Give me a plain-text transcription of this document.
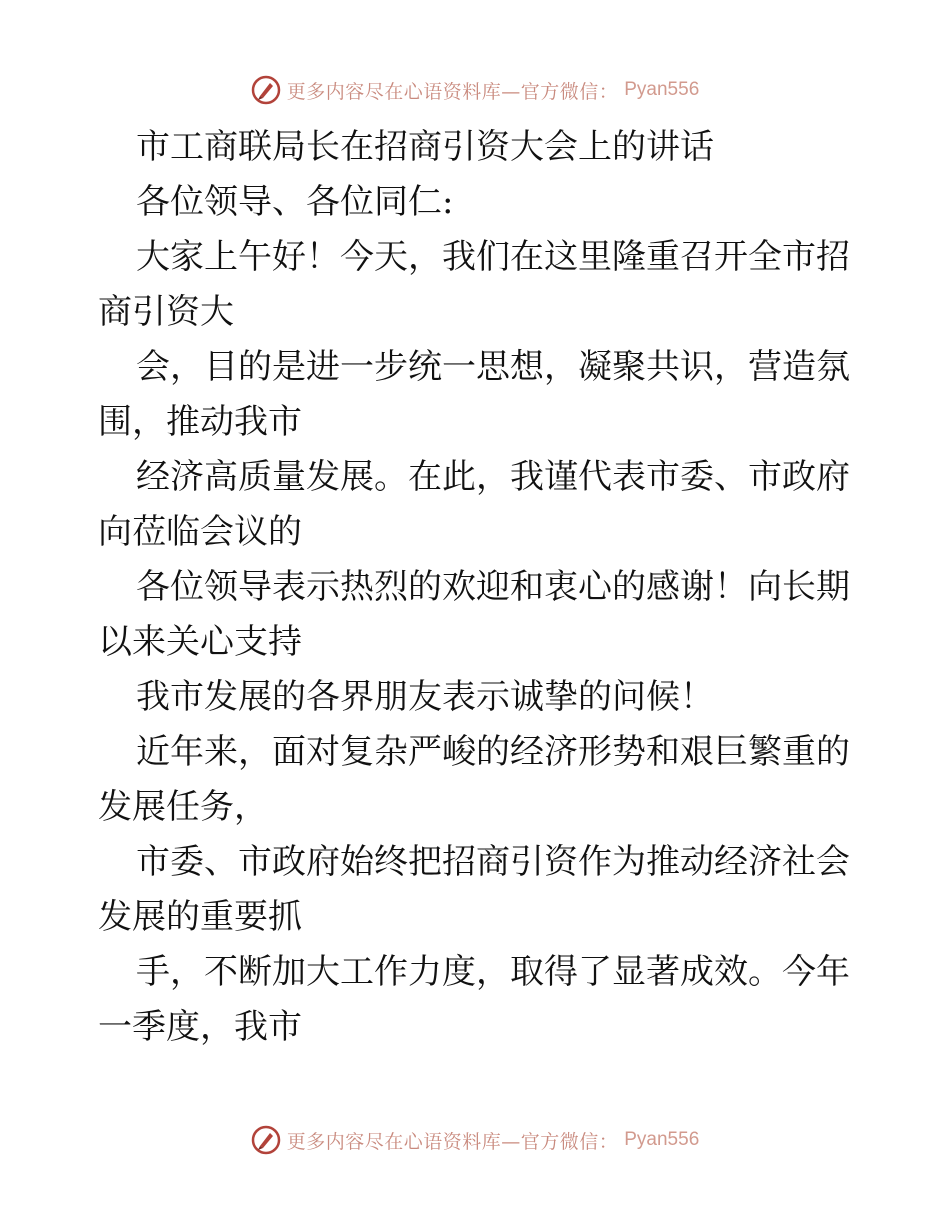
更多内容尽在心语资料库—官方微信： Pyan556
市工商联局长在招商引资大会上的讲话
各位领导、各位同仁:
大家上午好！今天，我们在这里隆重召开全市招
商引资大
会，目的是进一步统一思想，凝聚共识，营造氛
围，推动我市
经济高质量发展。在此，我谨代表市委、市政府
向莅临会议的
各位领导表示热烈的欢迎和衷心的感谢！向长期
以来关心支持
我市发展的各界朋友表示诚挚的问候！
近年来，面对复杂严峻的经济形势和艰巨繁重的
发展任务，
市委、市政府始终把招商引资作为推动经济社会
发展的重要抓
手，不断加大工作力度，取得了显著成效。今年
一季度，我市
更多内容尽在心语资料库—官方微信： Pyan556
